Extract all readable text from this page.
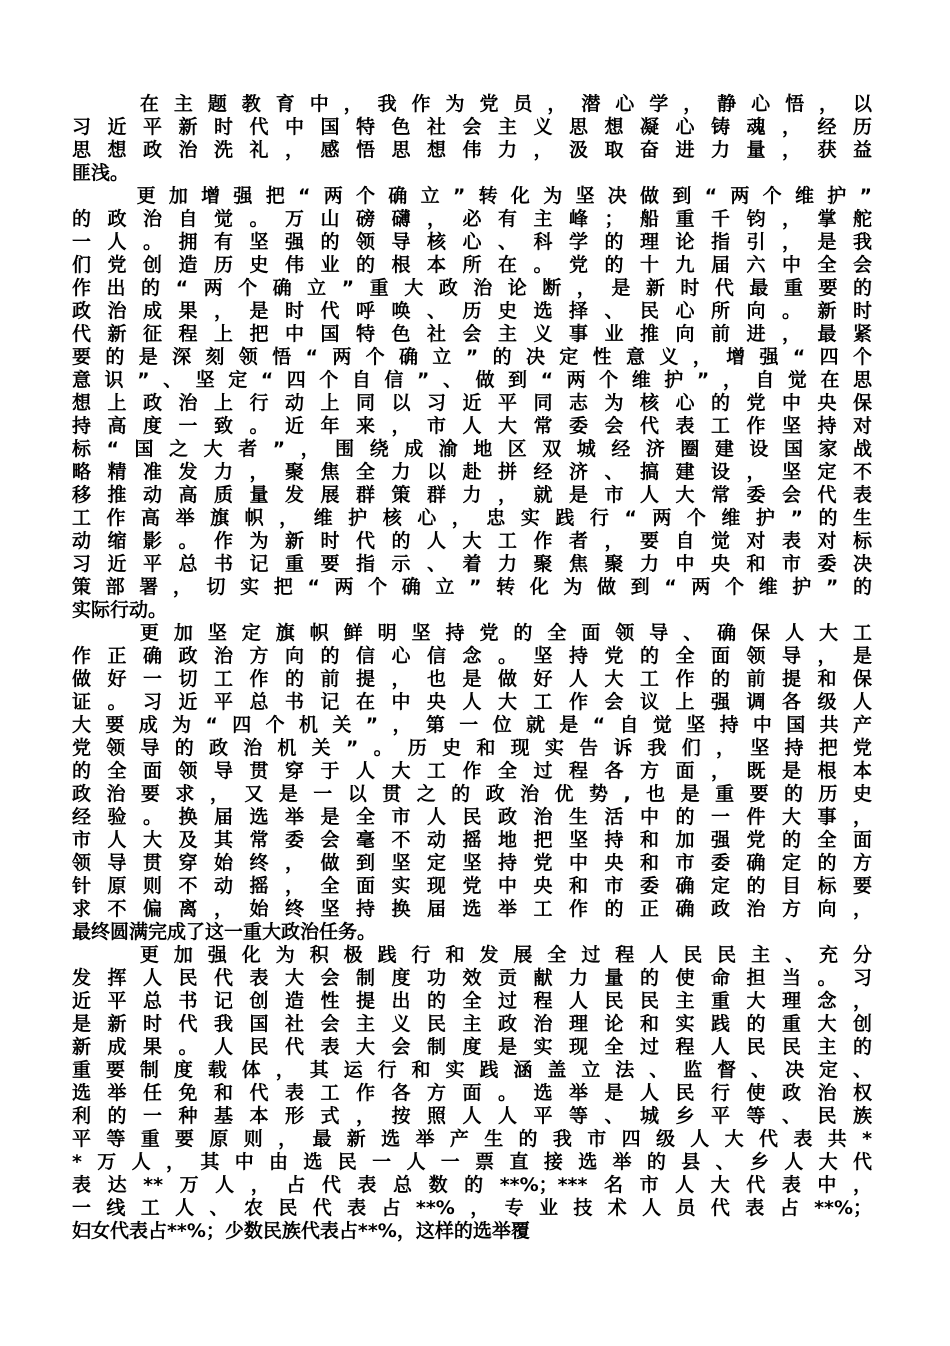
　　在主题教育中，我作为党员，潜心学，静心悟，以
习近平新时代中国特色社会主义思想凝心铸魂，经历
思想政治洗礼，感悟思想伟力，汲取奋进力量，获益
匪浅。
　　更加增强把“两个确立”转化为坚决做到“两个维护”
的政治自觉。万山磅礴，必有主峰；船重千钧，掌舵
一人。拥有坚强的领导核心、科学的理论指引，是我
们党创造历史伟业的根本所在。党的十九届六中全会
作出的“两个确立”重大政治论断，是新时代最重要的
政治成果，是时代呼唤、历史选择、民心所向。新时
代新征程上把中国特色社会主义事业推向前进，最紧
要的是深刻领悟“两个确立”的决定性意义，增强“四个
意识”、坚定“四个自信”、做到“两个维护”，自觉在思
想上政治上行动上同以习近平同志为核心的党中央保
持高度一致。近年来，市人大常委会代表工作坚持对
标“国之大者”，围绕成渝地区双城经济圈建设国家战
略精准发力，聚焦全力以赴拼经济、搞建设，坚定不
移推动高质量发展群策群力，就是市人大常委会代表
工作高举旗帜，维护核心，忠实践行“两个维护”的生
动缩影。作为新时代的人大工作者，要自觉对表对标
习近平总书记重要指示、着力聚焦聚力中央和市委决
策部署，切实把“两个确立”转化为做到“两个维护”的
实际行动。
　　更加坚定旗帜鲜明坚持党的全面领导、确保人大工
作正确政治方向的信心信念。坚持党的全面领导，是
做好一切工作的前提，也是做好人大工作的前提和保
证。习近平总书记在中央人大工作会议上强调各级人
大要成为“四个机关”，第一位就是“自觉坚持中国共产
党领导的政治机关”。历史和现实告诉我们，坚持把党
的全面领导贯穿于人大工作全过程各方面，既是根本
政治要求，又是一以贯之的政治优势,也是重要的历史
经验。换届选举是全市人民政治生活中的一件大事，
市人大及其常委会毫不动摇地把坚持和加强党的全面
领导贯穿始终，做到坚定坚持党中央和市委确定的方
针原则不动摇，全面实现党中央和市委确定的目标要
求不偏离，始终坚持换届选举工作的正确政治方向，
最终圆满完成了这一重大政治任务。
　　更加强化为积极践行和发展全过程人民民主、充分
发挥人民代表大会制度功效贡献力量的使命担当。习
近平总书记创造性提出的全过程人民民主重大理念，
是新时代我国社会主义民主政治理论和实践的重大创
新成果。人民代表大会制度是实现全过程人民民主的
重要制度载体，其运行和实践涵盖立法、监督、决定、
选举任免和代表工作各方面。选举是人民行使政治权
利的一种基本形式，按照人人平等、城乡平等、民族
平等重要原则，最新选举产生的我市四级人大代表共*
*万人，其中由选民一人一票直接选举的县、乡人大代
表达**万人，占代表总数的**%；***名市人大代表中，
一线工人、农民代表占**%，专业技术人员代表占**%；
妇女代表占**%；少数民族代表占**%，这样的选举覆
